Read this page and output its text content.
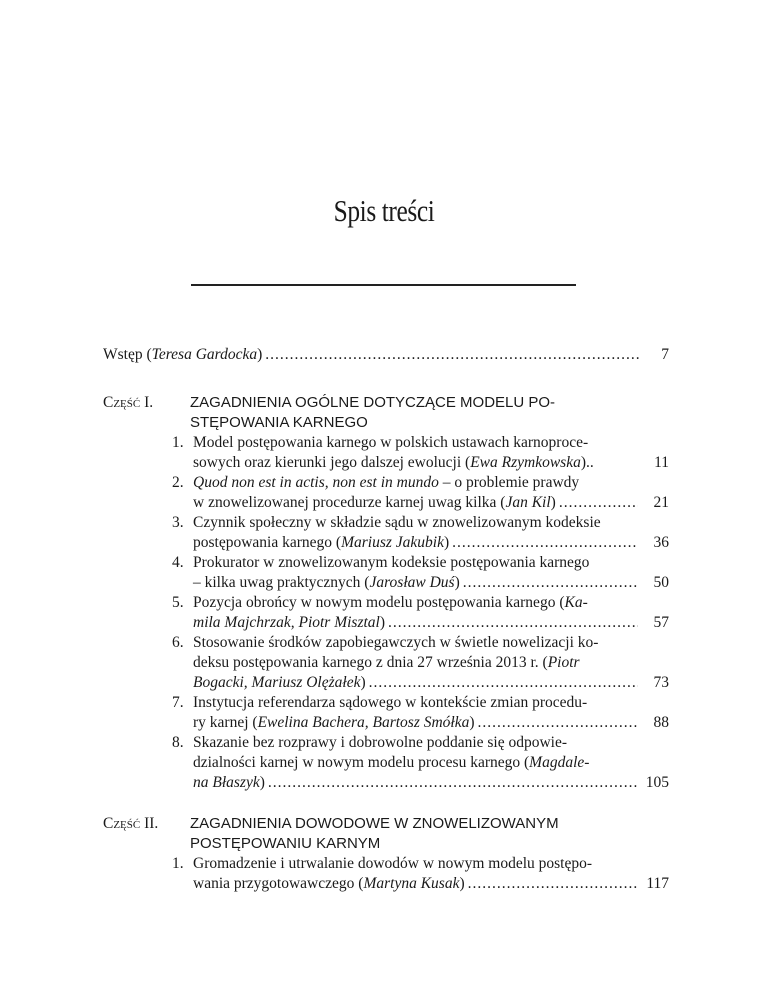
Spis treści
Wstęp (Teresa Gardocka) .....	7
Część I. ZAGADNIENIA OGÓLNE DOTYCZĄCE MODELU PO-
STĘPOWANIA KARNEGO
1. Model postępowania karnego w polskich ustawach karnoproce-
sowych oraz kierunki jego dalszej ewolucji (Ewa Rzymkowska)..	11
2. Quod non est in actis, non est in mundo – o problemie prawdy
w znowelizowanej procedurze karnej uwag kilka (Jan Kil) .....	21
3. Czynnik społeczny w składzie sądu w znowelizowanym kodeksie
postępowania karnego (Mariusz Jakubik) .....	36
4. Prokurator w znowelizowanym kodeksie postępowania karnego
– kilka uwag praktycznych (Jarosław Duś) .....	50
5. Pozycja obrońcy w nowym modelu postępowania karnego (Ka-
mila Majchrzak, Piotr Misztal) .....	57
6. Stosowanie środków zapobiegawczych w świetle nowelizacji ko-
deksu postępowania karnego z dnia 27 września 2013 r. (Piotr
Bogacki, Mariusz Olężałek) .....	73
7. Instytucja referendarza sądowego w kontekście zmian procedu-
ry karnej (Ewelina Bachera, Bartosz Smółka) .....	88
8. Skazanie bez rozprawy i dobrowolne poddanie się odpowie-
dzialności karnej w nowym modelu procesu karnego (Magdale-
na Błaszyk) .....	105
Część II. ZAGADNIENIA DOWODOWE W ZNOWELIZOWANYM
POSTĘPOWANIU KARNYM
1. Gromadzenie i utrwalanie dowodów w nowym modelu postępo-
wania przygotowawczego (Martyna Kusak) .....	117
